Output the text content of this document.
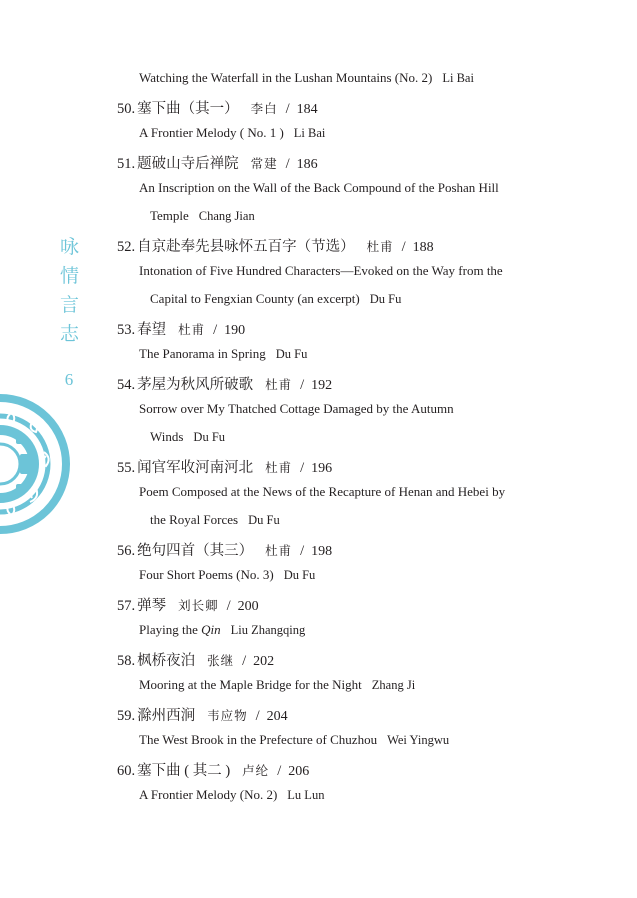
咏
情
言
志
6
Watching the Waterfall in the Lushan Mountains (No. 2) Li Bai
50. 塞下曲（其一） 李白 / 184
A Frontier Melody ( No. 1 ) Li Bai
51. 题破山寺后禅院 常建 / 186
An Inscription on the Wall of the Back Compound of the Poshan Hill
Temple Chang Jian
52. 自京赴奉先县咏怀五百字（节选） 杜甫 / 188
Intonation of Five Hundred Characters—Evoked on the Way from the
Capital to Fengxian County (an excerpt) Du Fu
53. 春望 杜甫 / 190
The Panorama in Spring Du Fu
54. 茅屋为秋风所破歌 杜甫 / 192
Sorrow over My Thatched Cottage Damaged by the Autumn
Winds Du Fu
55. 闻官军收河南河北 杜甫 / 196
Poem Composed at the News of the Recapture of Henan and Hebei by
the Royal Forces Du Fu
56. 绝句四首（其三） 杜甫 / 198
Four Short Poems (No. 3) Du Fu
57. 弹琴 刘长卿 / 200
Playing the Qin Liu Zhangqing
58. 枫桥夜泊 张继 / 202
Mooring at the Maple Bridge for the Night Zhang Ji
59. 滁州西涧 韦应物 / 204
The West Brook in the Prefecture of Chuzhou Wei Yingwu
60. 塞下曲 ( 其二 ) 卢纶 / 206
A Frontier Melody (No. 2) Lu Lun
